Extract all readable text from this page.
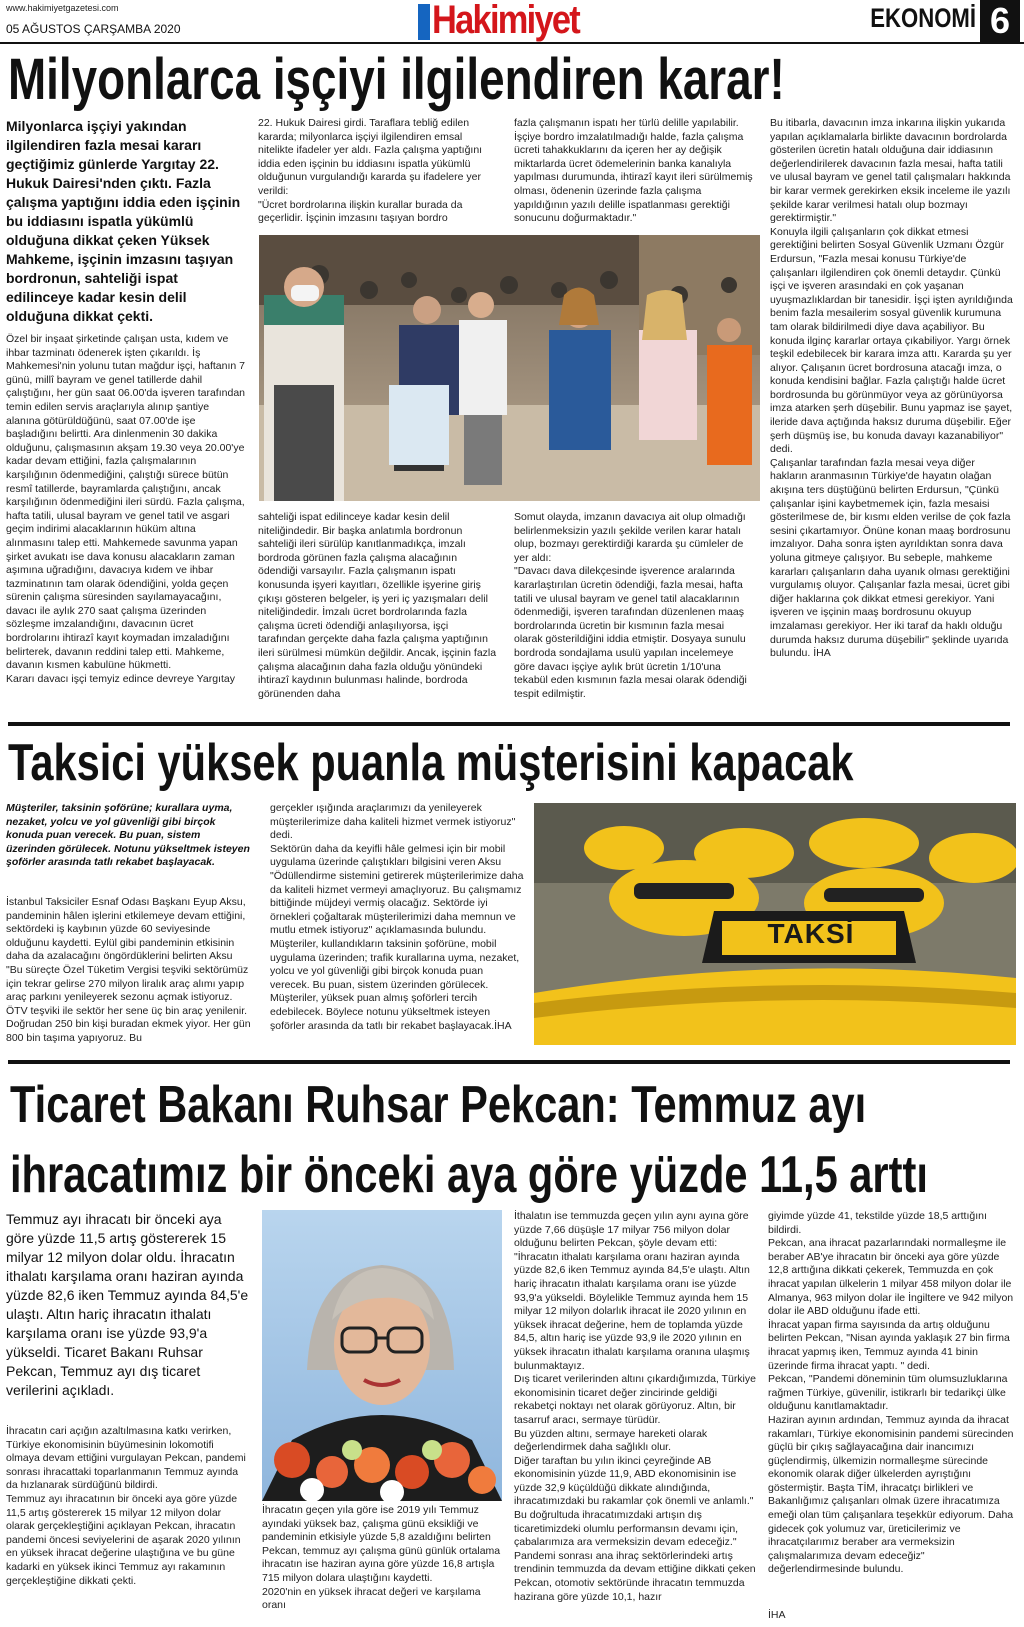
www.hakimiyetgazetesi.com
05 AĞUSTOS ÇARŞAMBA 2020	Hakimiyet	EKONOMİ 6
Milyonlarca işçiyi ilgilendiren karar!
Milyonlarca işçiyi yakından ilgilendiren fazla mesai kararı geçtiğimiz günlerde Yargıtay 22. Hukuk Dairesi'nden çıktı. Fazla çalışma yaptığını iddia eden işçinin bu iddiasını ispatla yükümlü olduğuna dikkat çeken Yüksek Mahkeme, işçinin imzasını taşıyan bordronun, sahteliği ispat edilinceye kadar kesin delil olduğuna dikkat çekti.
Özel bir inşaat şirketinde çalışan usta, kıdem ve ihbar tazminatı ödenerek işten çıkarıldı. İş Mahkemesi'nin yolunu tutan mağdur işçi, haftanın 7 günü, millî bayram ve genel tatillerde dahil çalıştığını, her gün saat 06.00'da işveren tarafından temin edilen servis araçlarıyla alınıp şantiye alanına götürüldüğünü, saat 07.00'de işe başladığını belirtti. Ara dinlenmenin 30 dakika olduğunu, çalışmasının akşam 19.30 veya 20.00'ye kadar devam ettiğini, fazla çalışmalarının karşılığının ödenmediğini, çalıştığı sürece bütün resmî tatillerde, bayramlarda çalıştığını, ancak karşılığının ödenmediğini ileri sürdü. Fazla çalışma, hafta tatili, ulusal bayram ve genel tatil ve asgari geçim indirimi alacaklarının hüküm altına alınmasını talep etti. Mahkemede savunma yapan şirket avukatı ise dava konusu alacakların zaman aşımına uğradığını, davacıya kıdem ve ihbar tazminatının tam olarak ödendiğini, yolda geçen sürenin çalışma süresinden sayılamayacağını, davacı ile aylık 270 saat çalışma üzerinden sözleşme imzalandığını, davacının ücret bordrolarını ihtirazî kayıt koymadan imzaladığını belirterek, davanın reddini talep etti. Mahkeme, davanın kısmen kabulüne hükmetti.
Kararı davacı işçi temyiz edince devreye Yargıtay
22. Hukuk Dairesi girdi. Taraflara tebliğ edilen kararda; milyonlarca işçiyi ilgilendiren emsal nitelikte ifadeler yer aldı. Fazla çalışma yaptığını iddia eden işçinin bu iddiasını ispatla yükümlü olduğunun vurgulandığı kararda şu ifadelere yer verildi:
"Ücret bordrolarına ilişkin kurallar burada da geçerlidir. İşçinin imzasını taşıyan bordro
fazla çalışmanın ispatı her türlü delille yapılabilir. İşçiye bordro imzalatılmadığı halde, fazla çalışma ücreti tahakkuklarını da içeren her ay değişik miktarlarda ücret ödemelerinin banka kanalıyla yapılması durumunda, ihtirazî kayıt ileri sürülmemiş olması, ödenenin üzerinde fazla çalışma yapıldığının yazılı delille ispatlanması gerektiği sonucunu doğurmaktadır."
Bu itibarla, davacının imza inkarına ilişkin yukarıda yapılan açıklamalarla birlikte davacının bordrolarda gösterilen ücretin hatalı olduğuna dair iddiasının değerlendirilerek davacının fazla mesai, hafta tatili ve ulusal bayram ve genel tatil çalışmaları hakkında bir karar vermek gerekirken eksik inceleme ile yazılı şekilde karar verilmesi hatalı olup bozmayı gerektirmiştir."
Konuyla ilgili çalışanların çok dikkat etmesi gerektiğini belirten Sosyal Güvenlik Uzmanı Özgür Erdursun, "Fazla mesai konusu Türkiye'de çalışanları ilgilendiren çok önemli detaydır. Çünkü işçi ve işveren arasındaki en çok yaşanan uyuşmazlıklardan bir tanesidir. İşçi işten ayrıldığında benim fazla mesailerim sosyal güvenlik kurumuna tam olarak bildirilmedi diye dava açabiliyor. Bu konuda ilginç kararlar ortaya çıkabiliyor. Yargı örnek teşkil edebilecek bir karara imza attı. Kararda şu yer alıyor. Çalışanın ücret bordrosuna atacağı imza, o konuda kendisini bağlar. Fazla çalıştığı halde ücret bordrosunda bu görünmüyor veya az görünüyorsa imza atarken şerh düşebilir. Bunu yapmaz ise şayet, ileride dava açtığında haksız duruma düşebilir. Eğer şerh düşmüş ise, bu konuda davayı kazanabiliyor" dedi.
Çalışanlar tarafından fazla mesai veya diğer hakların aranmasının Türkiye'de hayatın olağan akışına ters düştüğünü belirten Erdursun, "Çünkü çalışanlar işini kaybetmemek için, fazla mesaisi gösterilmese de, bir kısmı elden verilse de çok fazla sesini çıkartamıyor. Önüne konan maaş bordrosunu imzalıyor. Daha sonra işten ayrıldıktan sonra dava yoluna gitmeye çalışıyor. Bu sebeple, mahkeme kararları çalışanların daha uyanık olması gerektiğini vurgulamış oluyor. Çalışanlar fazla mesai, ücret gibi diğer haklarına çok dikkat etmesi gerekiyor. Yani işveren ve işçinin maaş bordrosunu okuyup imzalaması gerekiyor. Her iki taraf da haklı olduğu durumda haksız duruma düşebilir" şeklinde uyarıda bulundu. İHA
sahteliği ispat edilinceye kadar kesin delil niteliğindedir. Bir başka anlatımla bordronun sahteliği ileri sürülüp kanıtlanmadıkça, imzalı bordroda görünen fazla çalışma alacağının ödendiği varsayılır. Fazla çalışmanın ispatı konusunda işyeri kayıtları, özellikle işyerine giriş çıkışı gösteren belgeler, iş yeri iç yazışmaları delil niteliğindedir. İmzalı ücret bordrolarında fazla çalışma ücreti ödendiği anlaşılıyorsa, işçi tarafından gerçekte daha fazla çalışma yaptığının ileri sürülmesi mümkün değildir. Ancak, işçinin fazla çalışma alacağının daha fazla olduğu yönündeki ihtirazî kaydının bulunması halinde, bordroda görünenden daha
Somut olayda, imzanın davacıya ait olup olmadığı belirlenmeksizin yazılı şekilde verilen karar hatalı olup, bozmayı gerektirdiği kararda şu cümleler de yer aldı:
"Davacı dava dilekçesinde işverence aralarında kararlaştırılan ücretin ödendiği, fazla mesai, hafta tatili ve ulusal bayram ve genel tatil alacaklarının ödenmediği, işveren tarafından düzenlenen maaş bordrolarında ücretin bir kısmının fazla mesai olarak gösterildiğini iddia etmiştir. Dosyaya sunulu bordroda sondajlama usulü yapılan incelemeye göre davacı işçiye aylık brüt ücretin 1/10'una tekabül eden kısmının fazla mesai olarak ödendiği tespit edilmiştir.
Taksici yüksek puanla müşterisini kapacak
Müşteriler, taksinin şoförüne; kurallara uyma, nezaket, yolcu ve yol güvenliği gibi birçok konuda puan verecek. Bu puan, sistem üzerinden görülecek. Notunu yükseltmek isteyen şoförler arasında tatlı rekabet başlayacak.
İstanbul Taksiciler Esnaf Odası Başkanı Eyup Aksu, pandeminin hâlen işlerini etkilemeye devam ettiğini, sektördeki iş kaybının yüzde 60 seviyesinde olduğunu kaydetti. Eylül gibi pandeminin etkisinin daha da azalacağını öngördüklerini belirten Aksu "Bu süreçte Özel Tüketim Vergisi teşviki sektörümüz için tekrar gelirse 270 milyon liralık araç alımı yapıp araç parkını yenileyerek sezonu açmak istiyoruz. ÖTV teşviki ile sektör her sene üç bin araç yenilenir. Doğrudan 250 bin kişi buradan ekmek yiyor. Her gün 800 bin taşıma yapıyoruz. Bu
gerçekler ışığında araçlarımızı da yenileyerek müşterilerimize daha kaliteli hizmet vermek istiyoruz" dedi.
Sektörün daha da keyifli hâle gelmesi için bir mobil uygulama üzerinde çalıştıkları bilgisini veren Aksu "Ödüllendirme sistemini getirerek müşterilerimize daha da kaliteli hizmet vermeyi amaçlıyoruz. Bu çalışmamız bittiğinde müjdeyi vermiş olacağız. Sektörde iyi örnekleri çoğaltarak müşterilerimizi daha memnun ve mutlu etmek istiyoruz" açıklamasında bulundu.
Müşteriler, kullandıkların taksinin şoförüne, mobil uygulama üzerinden; trafik kurallarına uyma, nezaket, yolcu ve yol güvenliği gibi birçok konuda puan verecek. Bu puan, sistem üzerinden görülecek. Müşteriler, yüksek puan almış şoförleri tercih edebilecek. Böylece notunu yükseltmek isteyen şoförler arasında da tatlı bir rekabet başlayacak.İHA
TAKSİ
Ticaret Bakanı Ruhsar Pekcan: Temmuz ayı
ihracatımız bir önceki aya göre yüzde 11,5 arttı
Temmuz ayı ihracatı bir önceki aya göre yüzde 11,5 artış göstererek 15 milyar 12 milyon dolar oldu. İhracatın ithalatı karşılama oranı haziran ayında yüzde 82,6 iken Temmuz ayında 84,5'e ulaştı. Altın hariç ihracatın ithalatı karşılama oranı ise yüzde 93,9'a yükseldi. Ticaret Bakanı Ruhsar Pekcan, Temmuz ayı dış ticaret verilerini açıkladı.
İhracatın cari açığın azaltılmasına katkı verirken, Türkiye ekonomisinin büyümesinin lokomotifi olmaya devam ettiğini vurgulayan Pekcan, pandemi sonrası ihracattaki toparlanmanın Temmuz ayında da hızlanarak sürdüğünü bildirdi.
Temmuz ayı ihracatının bir önceki aya göre yüzde 11,5 artış göstererek 15 milyar 12 milyon dolar olarak gerçekleştiğini açıklayan Pekcan, ihracatın pandemi öncesi seviyelerini de aşarak 2020 yılının en yüksek ihracat değerine ulaştığına ve bu güne kadarki en yüksek ikinci Temmuz ayı rakamının gerçekleştiğine dikkati çekti.
İhracatın geçen yıla göre ise 2019 yılı Temmuz ayındaki yüksek baz, çalışma günü eksikliği ve pandeminin etkisiyle yüzde 5,8 azaldığını belirten Pekcan, temmuz ayı çalışma günü günlük ortalama ihracatın ise haziran ayına göre yüzde 16,8 artışla 715 milyon dolara ulaştığını kaydetti.
2020'nin en yüksek ihracat değeri ve karşılama oranı
İthalatın ise temmuzda geçen yılın aynı ayına göre yüzde 7,66 düşüşle 17 milyar 756 milyon dolar olduğunu belirten Pekcan, şöyle devam etti:
"İhracatın ithalatı karşılama oranı haziran ayında yüzde 82,6 iken Temmuz ayında 84,5'e ulaştı. Altın hariç ihracatın ithalatı karşılama oranı ise yüzde 93,9'a yükseldi. Böylelikle Temmuz ayında hem 15 milyar 12 milyon dolarlık ihracat ile 2020 yılının en yüksek ihracat değerine, hem de toplamda yüzde 84,5, altın hariç ise yüzde 93,9 ile 2020 yılının en yüksek ihracatın ithalatı karşılama oranına ulaşmış bulunmaktayız.
Dış ticaret verilerinden altını çıkardığımızda, Türkiye ekonomisinin ticaret değer zincirinde geldiği rekabetçi noktayı net olarak görüyoruz. Altın, bir tasarruf aracı, sermaye türüdür.
Bu yüzden altını, sermaye hareketi olarak değerlendirmek daha sağlıklı olur.
Diğer taraftan bu yılın ikinci çeyreğinde AB ekonomisinin yüzde 11,9, ABD ekonomisinin ise yüzde 32,9 küçüldüğü dikkate alındığında, ihracatımızdaki bu rakamlar çok önemli ve anlamlı."
Bu doğrultuda ihracatımızdaki artışın dış ticaretimizdeki olumlu performansın devamı için, çabalarımıza ara vermeksizin devam edeceğiz."
Pandemi sonrası ana ihraç sektörlerindeki artış trendinin temmuzda da devam ettiğine dikkati çeken Pekcan, otomotiv sektöründe ihracatın temmuzda hazirana göre yüzde 10,1, hazır
giyimde yüzde 41, tekstilde yüzde 18,5 arttığını bildirdi.
Pekcan, ana ihracat pazarlarındaki normalleşme ile beraber AB'ye ihracatın bir önceki aya göre yüzde 12,8 arttığına dikkati çekerek, Temmuzda en çok ihracat yapılan ülkelerin 1 milyar 458 milyon dolar ile Almanya, 963 milyon dolar ile İngiltere ve 942 milyon dolar ile ABD olduğunu ifade etti.
İhracat yapan firma sayısında da artış olduğunu belirten Pekcan, "Nisan ayında yaklaşık 27 bin firma ihracat yapmış iken, Temmuz ayında 41 binin üzerinde firma ihracat yaptı. " dedi.
Pekcan, "Pandemi döneminin tüm olumsuzluklarına rağmen Türkiye, güvenilir, istikrarlı bir tedarikçi ülke olduğunu kanıtlamaktadır.
Haziran ayının ardından, Temmuz ayında da ihracat rakamları, Türkiye ekonomisinin pandemi sürecinden güçlü bir çıkış sağlayacağına dair inancımızı güçlendirmiş, ülkemizin normalleşme sürecinde ekonomik olarak diğer ülkelerden ayrıştığını göstermiştir. Başta TİM, ihracatçı birlikleri ve Bakanlığımız çalışanları olmak üzere ihracatımıza emeği olan tüm çalışanlara teşekkür ediyorum. Daha gidecek çok yolumuz var, üreticilerimiz ve ihracatçılarımız beraber ara vermeksizin çalışmalarımıza devam edeceğiz" değerlendirmesinde bulundu.
İHA
